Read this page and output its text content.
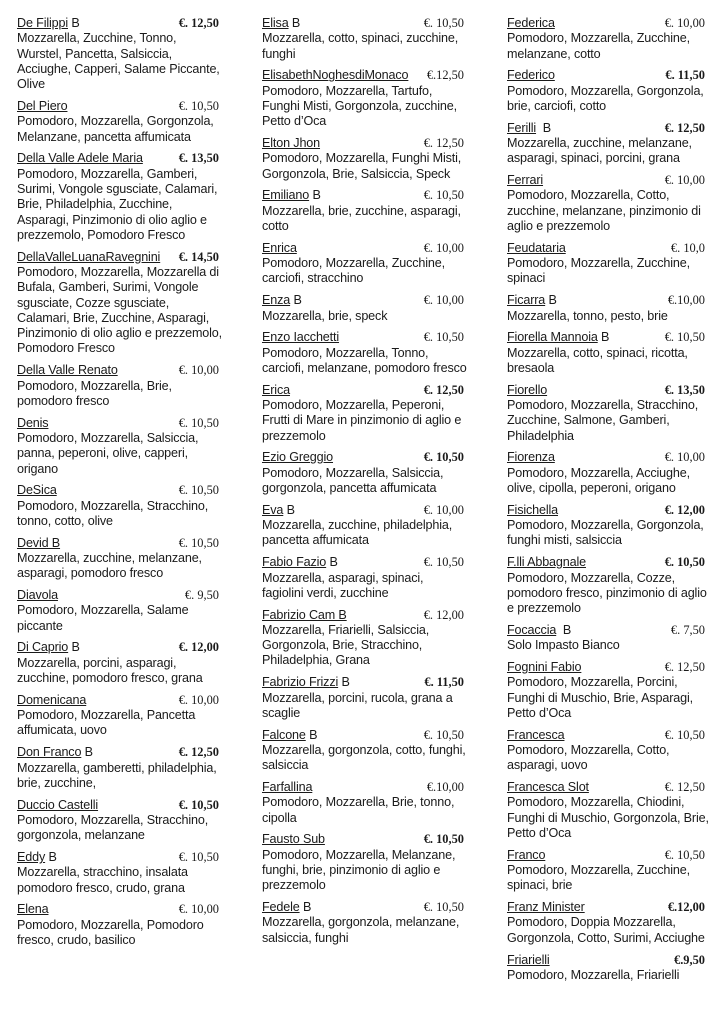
De Filippi B	€. 12,50
Mozzarella, Zucchine, Tonno, Wurstel, Pancetta, Salsiccia, Acciughe, Capperi, Salame Piccante, Olive
Del Piero	€. 10,50
Pomodoro, Mozzarella, Gorgonzola, Melanzane, pancetta affumicata
Della Valle Adele Maria	€. 13,50
Pomodoro, Mozzarella, Gamberi, Surimi, Vongole sgusciate, Calamari, Brie, Philadelphia, Zucchine, Asparagi, Pinzimonio di olio aglio e prezzemolo, Pomodoro Fresco
DellaValleLuanaRavegnini €. 14,50
Pomodoro, Mozzarella, Mozzarella di Bufala, Gamberi, Surimi, Vongole sgusciate, Cozze sgusciate, Calamari, Brie, Zucchine, Asparagi, Pinzimonio di olio aglio e prezzemolo, Pomodoro Fresco
Della Valle Renato	€. 10,00
Pomodoro, Mozzarella, Brie, pomodoro fresco
Denis	€. 10,50
Pomodoro, Mozzarella, Salsiccia, panna, peperoni, olive, capperi, origano
DeSica	€. 10,50
Pomodoro, Mozzarella, Stracchino, tonno, cotto, olive
Devid B	€. 10,50
Mozzarella, zucchine, melanzane, asparagi, pomodoro fresco
Diavola	€. 9,50
Pomodoro, Mozzarella, Salame piccante
Di Caprio B	€. 12,00
Mozzarella, porcini, asparagi, zucchine, pomodoro fresco, grana
Domenicana	€. 10,00
Pomodoro, Mozzarella, Pancetta affumicata, uovo
Don Franco B	€. 12,50
Mozzarella, gamberetti, philadelphia, brie, zucchine,
Duccio Castelli	€. 10,50
Pomodoro, Mozzarella, Stracchino, gorgonzola, melanzane
Eddy B	€. 10,50
Mozzarella, stracchino, insalata pomodoro fresco, crudo, grana
Elena	€. 10,00
Pomodoro, Mozzarella, Pomodoro fresco, crudo, basilico
Elisa B	€. 10,50
Mozzarella, cotto, spinaci, zucchine, funghi
ElisabethNoghesdiMonaco €.12,50
Pomodoro, Mozzarella, Tartufo, Funghi Misti, Gorgonzola, zucchine, Petto d’Oca
Elton Jhon	€. 12,50
Pomodoro, Mozzarella, Funghi Misti, Gorgonzola, Brie, Salsiccia, Speck
Emiliano B	€. 10,50
Mozzarella, brie, zucchine, asparagi, cotto
Enrica	€. 10,00
Pomodoro, Mozzarella, Zucchine, carciofi, stracchino
Enza B	€. 10,00
Mozzarella, brie, speck
Enzo Iacchetti	€. 10,50
Pomodoro, Mozzarella, Tonno, carciofi, melanzane, pomodoro fresco
Erica	€. 12,50
Pomodoro, Mozzarella, Peperoni, Frutti di Mare in pinzimonio di aglio e prezzemolo
Ezio Greggio	€. 10,50
Pomodoro, Mozzarella, Salsiccia, gorgonzola, pancetta affumicata
Eva B	€. 10,00
Mozzarella, zucchine, philadelphia, pancetta affumicata
Fabio Fazio B	€. 10,50
Mozzarella, asparagi, spinaci, fagiolini verdi, zucchine
Fabrizio Cam B	€. 12,00
Mozzarella, Friarielli, Salsiccia, Gorgonzola, Brie, Stracchino, Philadelphia, Grana
Fabrizio Frizzi B	€. 11,50
Mozzarella, porcini, rucola, grana a scaglie
Falcone B	€. 10,50
Mozzarella, gorgonzola, cotto, funghi, salsiccia
Farfallina	€.10,00
Pomodoro, Mozzarella, Brie, tonno, cipolla
Fausto Sub	€. 10,50
Pomodoro, Mozzarella, Melanzane, funghi, brie, pinzimonio di aglio e prezzemolo
Fedele B	€. 10,50
Mozzarella, gorgonzola, melanzane, salsiccia, funghi
Federica	€. 10,00
Pomodoro, Mozzarella, Zucchine, melanzane, cotto
Federico	€. 11,50
Pomodoro, Mozzarella, Gorgonzola, brie, carciofi, cotto
Ferilli  B	€. 12,50
Mozzarella, zucchine, melanzane, asparagi, spinaci, porcini, grana
Ferrari	€. 10,00
Pomodoro, Mozzarella, Cotto, zucchine, melanzane, pinzimonio di aglio e prezzemolo
Feudataria	€. 10,0
Pomodoro, Mozzarella, Zucchine, spinaci
Ficarra B	€.10,00
Mozzarella, tonno, pesto, brie
Fiorella Mannoia B	€. 10,50
Mozzarella, cotto, spinaci, ricotta, bresaola
Fiorello	€. 13,50
Pomodoro, Mozzarella, Stracchino, Zucchine, Salmone, Gamberi, Philadelphia
Fiorenza	€. 10,00
Pomodoro, Mozzarella, Acciughe, olive, cipolla, peperoni, origano
Fisichella	€. 12,00
Pomodoro, Mozzarella, Gorgonzola, funghi misti, salsiccia
F.lli Abbagnale	€. 10,50
Pomodoro, Mozzarella, Cozze, pomodoro fresco, pinzimonio di aglio e prezzemolo
Focaccia  B	€. 7,50
Solo Impasto Bianco
Fognini Fabio	€. 12,50
Pomodoro, Mozzarella, Porcini, Funghi di Muschio, Brie, Asparagi, Petto d’Oca
Francesca	€. 10,50
Pomodoro, Mozzarella, Cotto, asparagi, uovo
Francesca Slot	€. 12,50
Pomodoro, Mozzarella, Chiodini, Funghi di Muschio, Gorgonzola, Brie, Petto d’Oca
Franco	€. 10,50
Pomodoro, Mozzarella, Zucchine, spinaci, brie
Franz Minister	€.12,00
Pomodoro, Doppia Mozzarella, Gorgonzola, Cotto, Surimi, Acciughe
Friarielli	€.9,50
Pomodoro, Mozzarella, Friarielli
